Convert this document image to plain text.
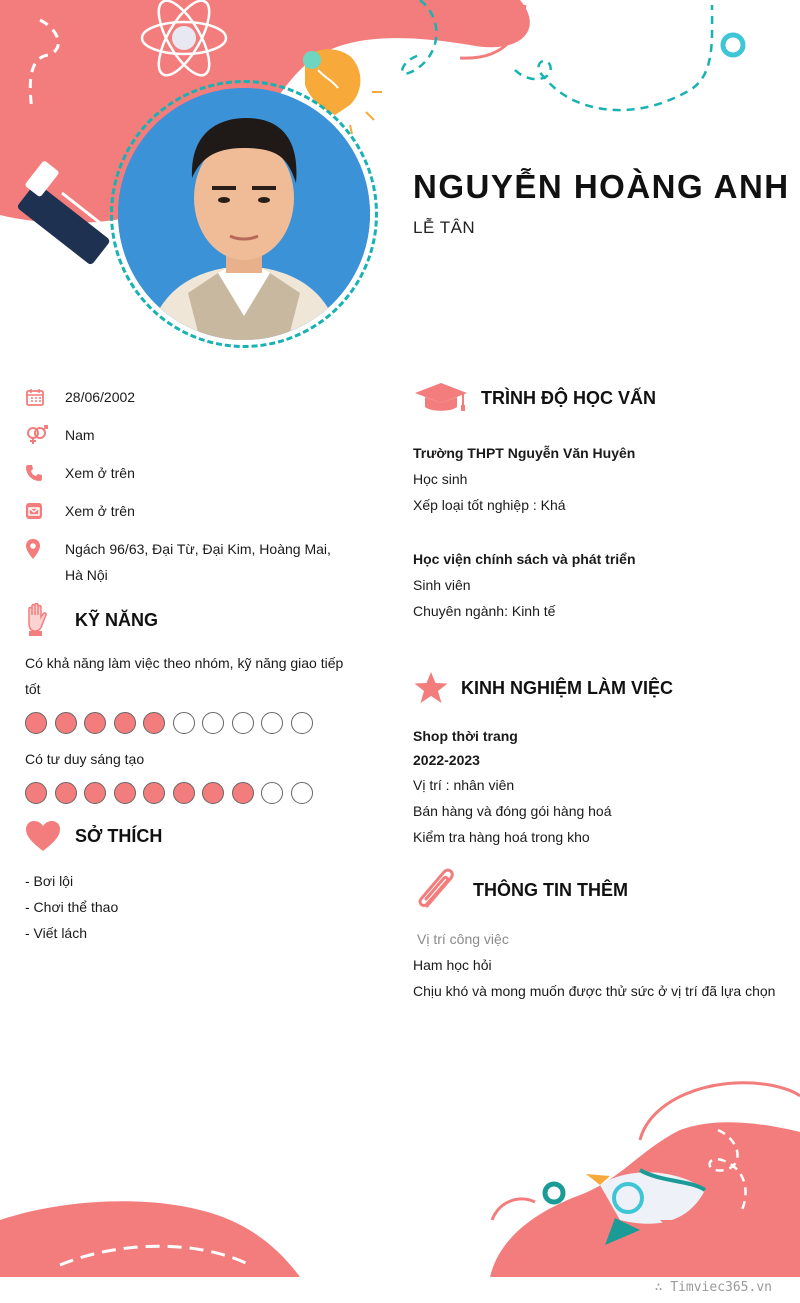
NGUYỄN HOÀNG ANH
LỄ TÂN
28/06/2002
Nam
Xem ở trên
Xem ở trên
Ngách 96/63, Đại Từ, Đại Kim, Hoàng Mai, Hà Nội
KỸ NĂNG
Có khả năng làm việc theo nhóm, kỹ năng giao tiếp tốt
Có tư duy sáng tạo
SỞ THÍCH
- Bơi lội
- Chơi thể thao
- Viết lách
TRÌNH ĐỘ HỌC VẤN
Trường THPT Nguyễn Văn Huyên
Học sinh
Xếp loại tốt nghiệp : Khá
Học viện chính sách và phát triển
Sinh viên
Chuyên ngành: Kinh tế
KINH NGHIỆM LÀM VIỆC
Shop thời trang
2022-2023
Vị trí : nhân viên
Bán hàng và đóng gói hàng hoá
Kiểm tra hàng hoá trong kho
THÔNG TIN THÊM
Vị trí công việc
Ham học hỏi
Chịu khó và mong muốn được thử sức ở vị trí đã lựa chọn
∴ Timviec365.vn
